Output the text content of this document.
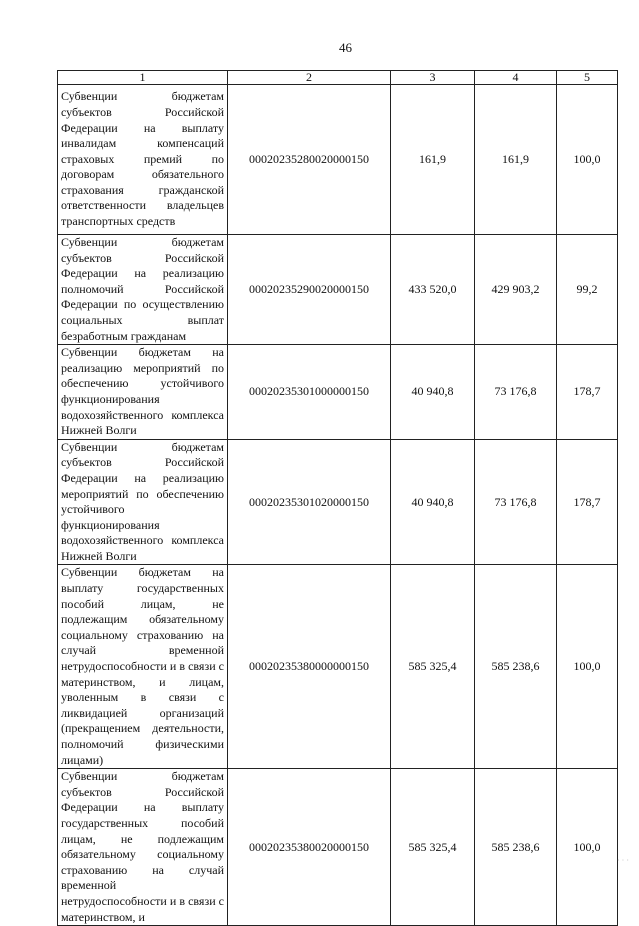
46
1	2	3	4	5
Субвенции бюджетам субъектов Российской Федерации на выплату инвалидам компенсаций страховых премий по договорам обязательного страхования гражданской ответственности владельцев транспортных средств	00020235280020000150	161,9	161,9	100,0
Субвенции бюджетам субъектов Российской Федерации на реализацию полномочий Российской Федерации по осуществлению социальных выплат безработным гражданам	00020235290020000150	433 520,0	429 903,2	99,2
Субвенции бюджетам на реализацию мероприятий по обеспечению устойчивого функционирования водохозяйственного комплекса Нижней Волги	00020235301000000150	40 940,8	73 176,8	178,7
Субвенции бюджетам субъектов Российской Федерации на реализацию мероприятий по обеспечению устойчивого функционирования водохозяйственного комплекса Нижней Волги	00020235301020000150	40 940,8	73 176,8	178,7
Субвенции бюджетам на выплату государственных пособий лицам, не подлежащим обязательному социальному страхованию на случай временной нетрудоспособности и в связи с материнством, и лицам, уволенным в связи с ликвидацией организаций (прекращением деятельности, полномочий физическими лицами)	00020235380000000150	585 325,4	585 238,6	100,0
Субвенции бюджетам субъектов Российской Федерации на выплату государственных пособий лицам, не подлежащим обязательному социальному страхованию на случай временной нетрудоспособности и в связи с материнством, и	00020235380020000150	585 325,4	585 238,6	100,0
· · ·
